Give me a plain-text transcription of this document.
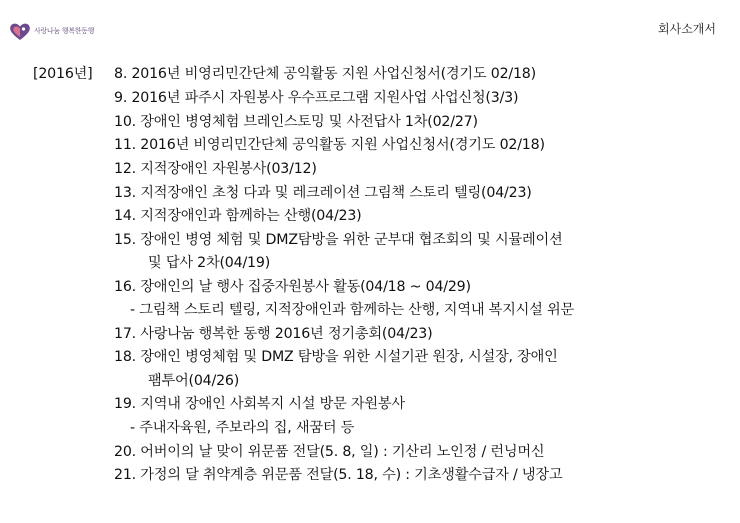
사랑나눔 행복한동행	회사소개서
[2016년] 8. 2016년 비영리민간단체 공익활동 지원 사업신청서(경기도 02/18)
9. 2016년 파주시 자원봉사 우수프로그램 지원사업 사업신청(3/3)
10. 장애인 병영체험 브레인스토밍 및 사전답사 1차(02/27)
11. 2016년 비영리민간단체 공익활동 지원 사업신청서(경기도 02/18)
12. 지적장애인 자원봉사(03/12)
13. 지적장애인 초청 다과 및 레크레이션 그림책 스토리 텔링(04/23)
14. 지적장애인과 함께하는 산행(04/23)
15. 장애인 병영 체험 및 DMZ탐방을 위한 군부대 협조회의 및 시뮬레이션
및 답사 2차(04/19)
16. 장애인의 날 행사 집중자원봉사 활동(04/18 ~ 04/29)
- 그림책 스토리 텔링, 지적장애인과 함께하는 산행, 지역내 복지시설 위문
17. 사랑나눔 행복한 동행 2016년 정기총회(04/23)
18. 장애인 병영체험 및 DMZ 탐방을 위한 시설기관 원장, 시설장, 장애인
팸투어(04/26)
19. 지역내 장애인 사회복지 시설 방문 자원봉사
- 주내자육원, 주보라의 집, 새꿈터 등
20. 어버이의 날 맞이 위문품 전달(5. 8, 일) : 기산리 노인정 / 런닝머신
21. 가정의 달 취약계층 위문품 전달(5. 18, 수) : 기초생활수급자 / 냉장고
